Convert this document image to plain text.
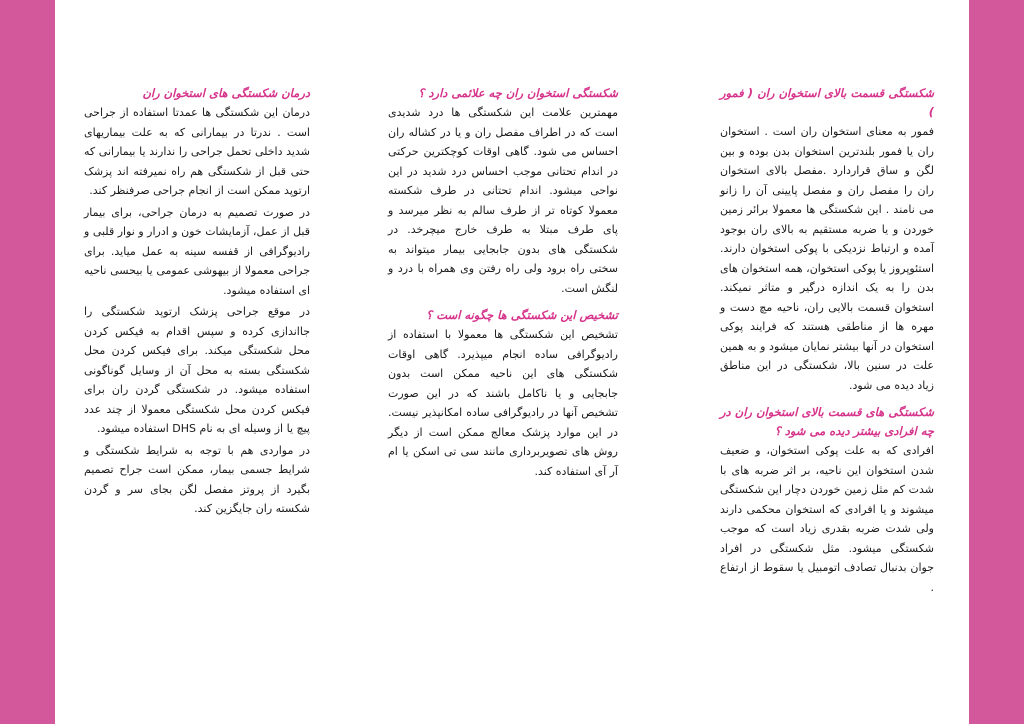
شکستگی قسمت بالای استخوان ران ( فمور )

فمور به معنای استخوان ران است . استخوان ران یا فمور بلندترین استخوان بدن بوده و بین لگن و ساق قراردارد .مفصل بالای استخوان ران را مفصل ران و مفصل پایینی آن را زانو می نامند . این شکستگی ها معمولا برائر زمین خوردن و یا ضربه مستقیم به بالای ران بوجود آمده و ارتباط نزدیکی با پوکی استخوان دارند. استئوپروز یا پوکی استخوان، همه استخوان های بدن را به یک اندازه درگیر و متاثر نمیکند. استخوان قسمت بالایی ران، ناحیه مچ دست و مهره ها از مناطقی هستند که فرایند پوکی استخوان در آنها بیشتر نمایان میشود و به همین علت در سنین بالا، شکستگی در این مناطق زیاد دیده می شود.

شکستگی های قسمت بالای استخوان ران در چه افرادی بیشتر دیده می شود ؟

افرادی که به علت پوکی استخوان، و ضعیف شدن استخوان این ناحیه، بر اثر ضربه های با شدت کم مثل زمین خوردن دچار این شکستگی میشوند و یا افرادی که استخوان محکمی دارند ولی شدت ضربه بقدری زیاد است که موجب شکستگی میشود. مثل شکستگی در افراد جوان بدنبال تصادف اتومبیل یا سقوط از ارتفاع .

شکستگی استخوان ران چه علائمی دارد ؟

مهمترین علامت این شکستگی ها درد شدیدی است که در اطراف مفصل ران و یا در کشاله ران احساس می شود. گاهی اوقات کوچکترین حرکتی در اندام تحتانی موجب احساس درد شدید در این نواحی میشود. اندام تحتانی در طرف شکسته معمولا کوتاه تر از طرف سالم به نظر میرسد و پای طرف مبتلا به طرف خارج میچرخد. در شکستگی های بدون جابجایی بیمار میتواند به سختی راه برود ولی راه رفتن وی همراه با درد و لنگش است.

تشخیص این شکستگی ها چگونه است ؟

تشخیص این شکستگی ها معمولا با استفاده از رادیوگرافی ساده انجام میپذیرد. گاهی اوقات شکستگی های این ناحیه ممکن است بدون جابجایی و یا ناکامل باشند که در این صورت تشخیص آنها در رادیوگرافی ساده امکانپذیر نیست. در این موارد پزشک معالج ممکن است از دیگر روش های تصویربرداری مانند سی تی اسکن یا ام آر آی استفاده کند.

درمان شکستگی های استخوان ران

درمان این شکستگی ها عمدتا استفاده از جراحی است . ندرتا در بیمارانی که به علت بیماریهای شدید داخلی تحمل جراحی را ندارند یا بیمارانی که حتی قبل از شکستگی هم راه نمیرفته اند پزشک ارتوپد ممکن است از انجام جراحی صرفنظر کند.

در صورت تصمیم به درمان جراحی، برای بیمار قبل از عمل، آزمایشات خون و ادرار و نوار قلبی و رادیوگرافی از قفسه سینه به عمل میاید. برای جراحی معمولا از بیهوشی عمومی یا بیحسی ناحیه ای استفاده میشود.

در موقع جراحی پزشک ارتوپد شکستگی را جااندازی کرده و سپس اقدام به فیکس کردن محل شکستگی میکند. برای فیکس کردن محل شکستگی بسته به محل آن از وسایل گوناگونی استفاده میشود. در شکستگی گردن ران برای فیکس کردن محل شکستگی معمولا از چند عدد پیچ یا از وسیله ای به نام DHS استفاده میشود.

در مواردی هم با توجه به شرایط شکستگی و شرایط جسمی بیمار، ممکن است جراح تصمیم بگیرد از پروتز مفصل لگن بجای سر و گردن شکسته ران جایگزین کند.
